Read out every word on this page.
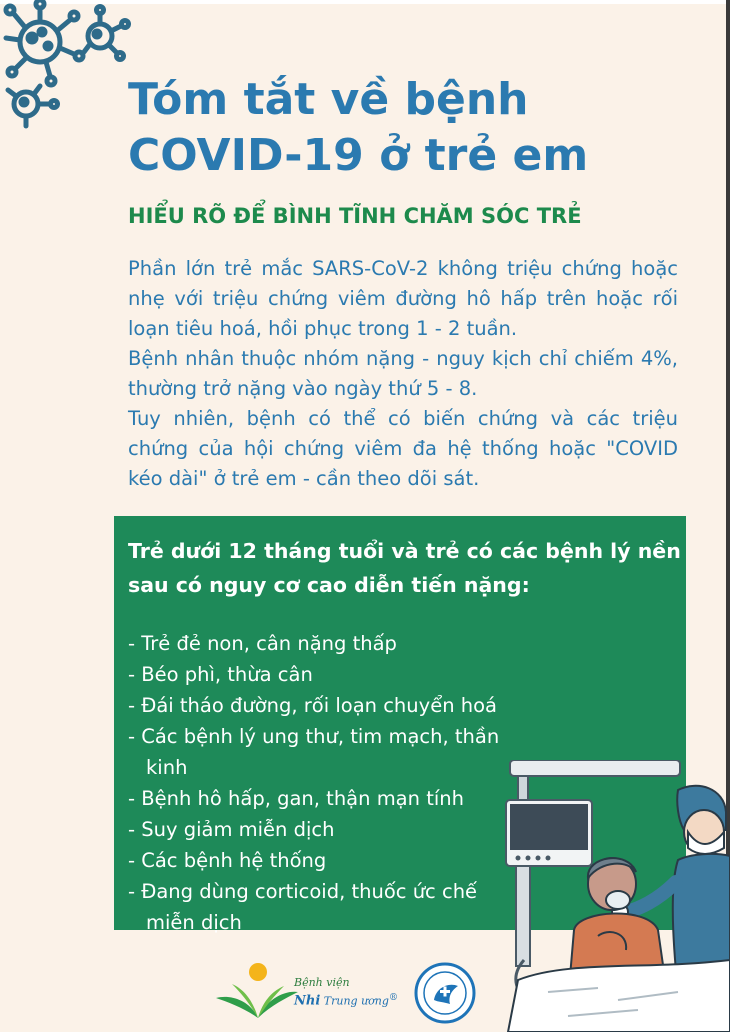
Tóm tắt về bệnh
COVID-19 ở trẻ em
HIỂU RÕ ĐỂ BÌNH TĨNH CHĂM SÓC TRẺ

Phần lớn trẻ mắc SARS-CoV-2 không triệu chứng hoặc nhẹ với triệu chứng viêm đường hô hấp trên hoặc rối loạn tiêu hoá, hồi phục trong 1 - 2 tuần.

Bệnh nhân thuộc nhóm nặng - nguy kịch chỉ chiếm 4%, thường trở nặng vào ngày thứ 5 - 8.

Tuy nhiên, bệnh có thể có biến chứng và các triệu chứng của hội chứng viêm đa hệ thống hoặc "COVID kéo dài" ở trẻ em - cần theo dõi sát.

Trẻ dưới 12 tháng tuổi và trẻ có các bệnh lý nền sau có nguy cơ cao diễn tiến nặng:
- Trẻ đẻ non, cân nặng thấp
- Béo phì, thừa cân
- Đái tháo đường, rối loạn chuyển hoá
- Các bệnh lý ung thư, tim mạch, thần kinh
- Bệnh hô hấp, gan, thận mạn tính
- Suy giảm miễn dịch
- Các bệnh hệ thống
- Đang dùng corticoid, thuốc ức chế miễn dịch
Bệnh viện
Nhi Trung ương®
